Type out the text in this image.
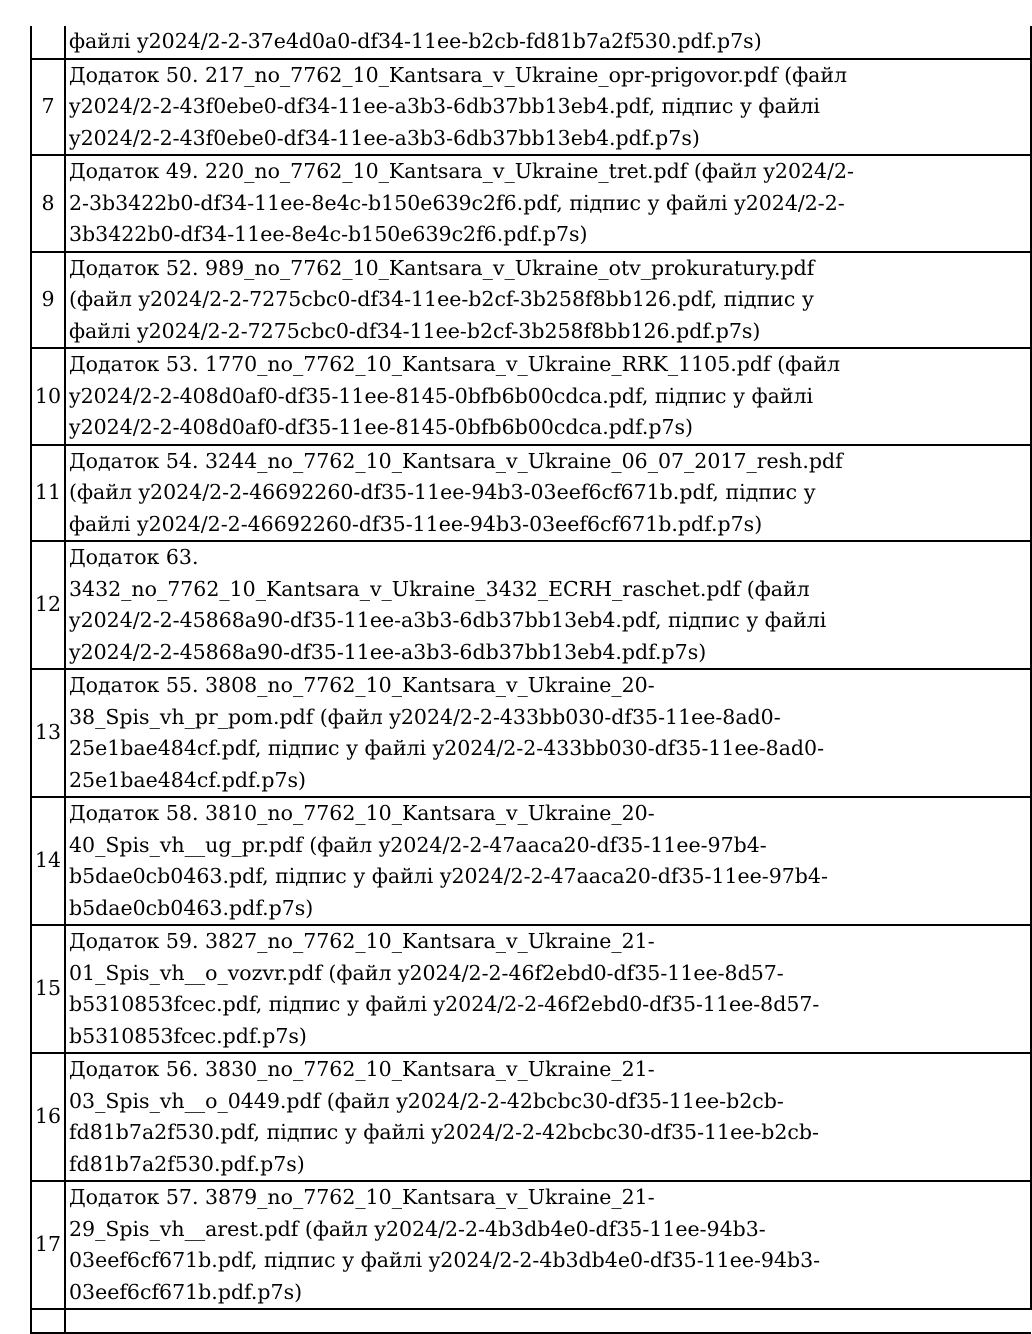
	файлі y2024/2-2-37e4d0a0-df34-11ee-b2cb-fd81b7a2f530.pdf.p7s)
7	Додаток 50. 217_no_7762_10_Kantsara_v_Ukraine_opr-prigovor.pdf (файл
y2024/2-2-43f0ebe0-df34-11ee-a3b3-6db37bb13eb4.pdf, підпис у файлі
y2024/2-2-43f0ebe0-df34-11ee-a3b3-6db37bb13eb4.pdf.p7s)
8	Додаток 49. 220_no_7762_10_Kantsara_v_Ukraine_tret.pdf (файл y2024/2-
2-3b3422b0-df34-11ee-8e4c-b150e639c2f6.pdf, підпис у файлі y2024/2-2-
3b3422b0-df34-11ee-8e4c-b150e639c2f6.pdf.p7s)
9	Додаток 52. 989_no_7762_10_Kantsara_v_Ukraine_otv_prokuratury.pdf
(файл y2024/2-2-7275cbc0-df34-11ee-b2cf-3b258f8bb126.pdf, підпис у
файлі y2024/2-2-7275cbc0-df34-11ee-b2cf-3b258f8bb126.pdf.p7s)
10	Додаток 53. 1770_no_7762_10_Kantsara_v_Ukraine_RRK_1105.pdf (файл
y2024/2-2-408d0af0-df35-11ee-8145-0bfb6b00cdca.pdf, підпис у файлі
y2024/2-2-408d0af0-df35-11ee-8145-0bfb6b00cdca.pdf.p7s)
11	Додаток 54. 3244_no_7762_10_Kantsara_v_Ukraine_06_07_2017_resh.pdf
(файл y2024/2-2-46692260-df35-11ee-94b3-03eef6cf671b.pdf, підпис у
файлі y2024/2-2-46692260-df35-11ee-94b3-03eef6cf671b.pdf.p7s)
12	Додаток 63.
3432_no_7762_10_Kantsara_v_Ukraine_3432_ECRH_raschet.pdf (файл
y2024/2-2-45868a90-df35-11ee-a3b3-6db37bb13eb4.pdf, підпис у файлі
y2024/2-2-45868a90-df35-11ee-a3b3-6db37bb13eb4.pdf.p7s)
13	Додаток 55. 3808_no_7762_10_Kantsara_v_Ukraine_20-
38_Spis_vh_pr_pom.pdf (файл y2024/2-2-433bb030-df35-11ee-8ad0-
25e1bae484cf.pdf, підпис у файлі y2024/2-2-433bb030-df35-11ee-8ad0-
25e1bae484cf.pdf.p7s)
14	Додаток 58. 3810_no_7762_10_Kantsara_v_Ukraine_20-
40_Spis_vh__ug_pr.pdf (файл y2024/2-2-47aaca20-df35-11ee-97b4-
b5dae0cb0463.pdf, підпис у файлі y2024/2-2-47aaca20-df35-11ee-97b4-
b5dae0cb0463.pdf.p7s)
15	Додаток 59. 3827_no_7762_10_Kantsara_v_Ukraine_21-
01_Spis_vh__o_vozvr.pdf (файл y2024/2-2-46f2ebd0-df35-11ee-8d57-
b5310853fcec.pdf, підпис у файлі y2024/2-2-46f2ebd0-df35-11ee-8d57-
b5310853fcec.pdf.p7s)
16	Додаток 56. 3830_no_7762_10_Kantsara_v_Ukraine_21-
03_Spis_vh__o_0449.pdf (файл y2024/2-2-42bcbc30-df35-11ee-b2cb-
fd81b7a2f530.pdf, підпис у файлі y2024/2-2-42bcbc30-df35-11ee-b2cb-
fd81b7a2f530.pdf.p7s)
17	Додаток 57. 3879_no_7762_10_Kantsara_v_Ukraine_21-
29_Spis_vh__arest.pdf (файл y2024/2-2-4b3db4e0-df35-11ee-94b3-
03eef6cf671b.pdf, підпис у файлі y2024/2-2-4b3db4e0-df35-11ee-94b3-
03eef6cf671b.pdf.p7s)
